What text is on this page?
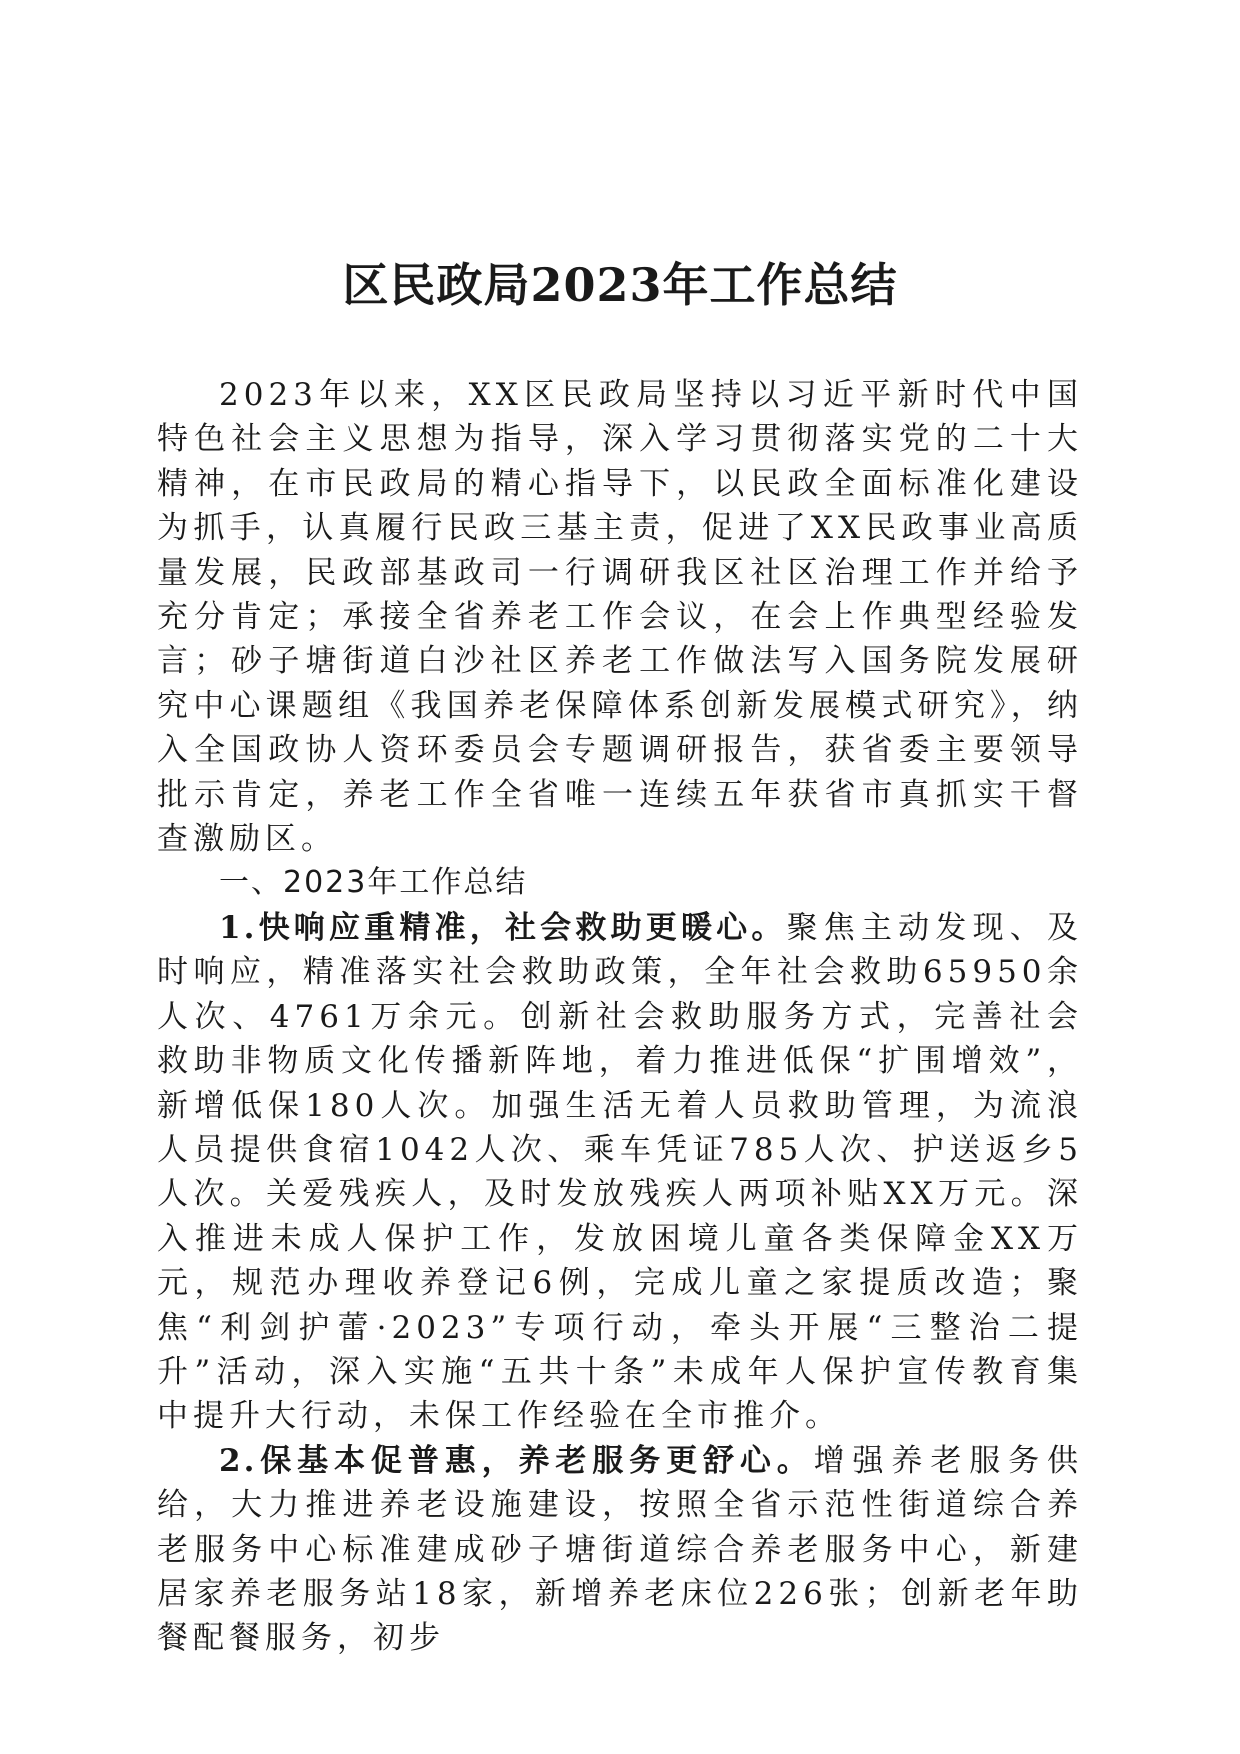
区民政局2023年工作总结

2023年以来，XX区民政局坚持以习近平新时代中国特色社会主义思想为指导，深入学习贯彻落实党的二十大精神，在市民政局的精心指导下，以民政全面标准化建设为抓手，认真履行民政三基主责，促进了XX民政事业高质量发展，民政部基政司一行调研我区社区治理工作并给予充分肯定；承接全省养老工作会议，在会上作典型经验发言；砂子塘街道白沙社区养老工作做法写入国务院发展研究中心课题组《我国养老保障体系创新发展模式研究》，纳入全国政协人资环委员会专题调研报告，获省委主要领导批示肯定，养老工作全省唯一连续五年获省市真抓实干督查激励区。

一、2023年工作总结

1.快响应重精准，社会救助更暖心。聚焦主动发现、及时响应，精准落实社会救助政策，全年社会救助65950余人次、4761万余元。创新社会救助服务方式，完善社会救助非物质文化传播新阵地，着力推进低保“扩围增效”，新增低保180人次。加强生活无着人员救助管理，为流浪人员提供食宿1042人次、乘车凭证785人次、护送返乡5人次。关爱残疾人，及时发放残疾人两项补贴XX万元。深入推进未成人保护工作，发放困境儿童各类保障金XX万元，规范办理收养登记6例，完成儿童之家提质改造；聚焦“利剑护蕾·2023”专项行动，牵头开展“三整治二提升”活动，深入实施“五共十条”未成年人保护宣传教育集中提升大行动，未保工作经验在全市推介。

2.保基本促普惠，养老服务更舒心。增强养老服务供给，大力推进养老设施建设，按照全省示范性街道综合养老服务中心标准建成砂子塘街道综合养老服务中心，新建居家养老服务站18家，新增养老床位226张；创新老年助餐配餐服务，初步
